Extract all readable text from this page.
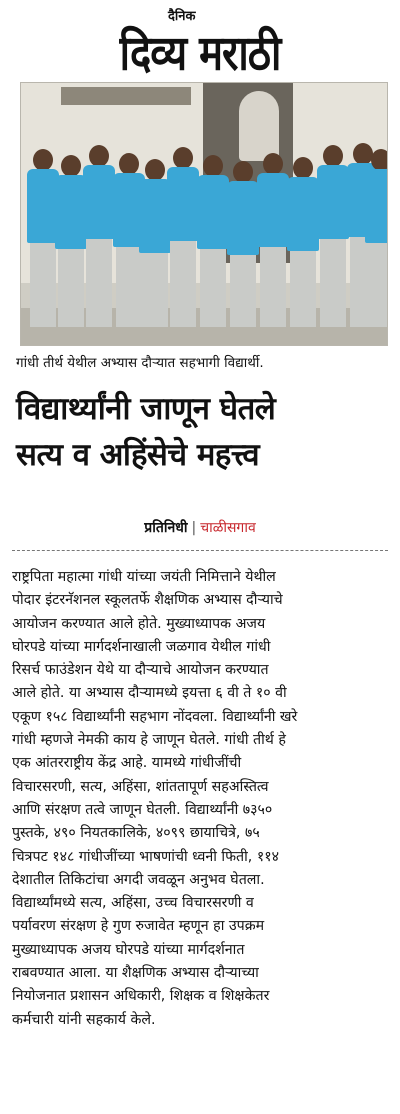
दैनिक
दिव्य मराठी
गांधी तीर्थ येथील अभ्यास दौऱ्यात सहभागी विद्यार्थी.
विद्यार्थ्यांनी जाणून घेतले
सत्य व अहिंसेचे महत्त्व
प्रतिनिधी | चाळीसगाव
राष्ट्रपिता महात्मा गांधी यांच्या जयंती निमित्ताने येथील
पोदार इंटरनॅशनल स्कूलतर्फे शैक्षणिक अभ्यास दौऱ्याचे
आयोजन करण्यात आले होते. मुख्याध्यापक अजय
घोरपडे यांच्या मार्गदर्शनाखाली जळगाव येथील गांधी
रिसर्च फाउंडेशन येथे या दौऱ्याचे आयोजन करण्यात
आले होते. या अभ्यास दौऱ्यामध्ये इयत्ता ६ वी ते १० वी
एकूण १५८ विद्यार्थ्यांनी सहभाग नोंदवला. विद्यार्थ्यांनी खरे
गांधी म्हणजे नेमकी काय हे जाणून घेतले. गांधी तीर्थ हे
एक आंतरराष्ट्रीय केंद्र आहे. यामध्ये गांधीजींची
विचारसरणी, सत्य, अहिंसा, शांततापूर्ण सहअस्तित्व
आणि संरक्षण तत्वे जाणून घेतली. विद्यार्थ्यांनी ७३५०
पुस्तके, ४९० नियतकालिके, ४०९९ छायाचित्रे, ७५
चित्रपट १४८ गांधीजींच्या भाषणांची ध्वनी फिती, ११४
देशातील तिकिटांचा अगदी जवळून अनुभव घेतला.
विद्यार्थ्यांमध्ये सत्य, अहिंसा, उच्च विचारसरणी व
पर्यावरण संरक्षण हे गुण रुजावेत म्हणून हा उपक्रम
मुख्याध्यापक अजय घोरपडे यांच्या मार्गदर्शनात
राबवण्यात आला. या शैक्षणिक अभ्यास दौऱ्याच्या
नियोजनात प्रशासन अधिकारी, शिक्षक व शिक्षकेतर
कर्मचारी यांनी सहकार्य केले.
